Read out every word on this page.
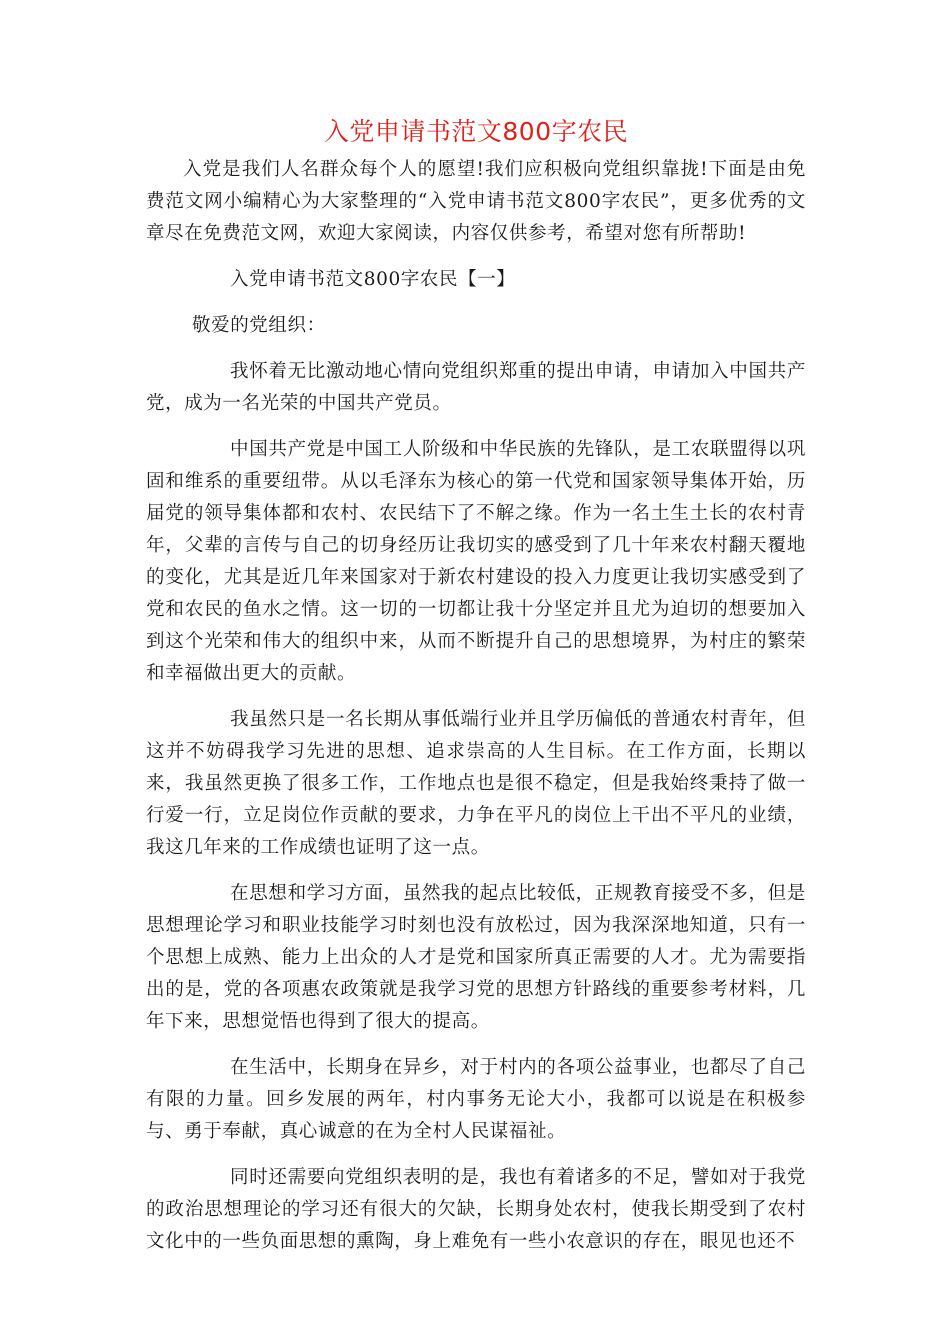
入党申请书范文800字农民

入党是我们人名群众每个人的愿望!我们应积极向党组织靠拢!下面是由免费范文网小编精心为大家整理的“入党申请书范文800字农民”，更多优秀的文章尽在免费范文网，欢迎大家阅读，内容仅供参考，希望对您有所帮助!

入党申请书范文800字农民【一】

敬爱的党组织：

我怀着无比激动地心情向党组织郑重的提出申请，申请加入中国共产党，成为一名光荣的中国共产党员。

中国共产党是中国工人阶级和中华民族的先锋队，是工农联盟得以巩固和维系的重要纽带。从以毛泽东为核心的第一代党和国家领导集体开始，历届党的领导集体都和农村、农民结下了不解之缘。作为一名土生土长的农村青年，父辈的言传与自己的切身经历让我切实的感受到了几十年来农村翻天覆地的变化，尤其是近几年来国家对于新农村建设的投入力度更让我切实感受到了党和农民的鱼水之情。这一切的一切都让我十分坚定并且尤为迫切的想要加入到这个光荣和伟大的组织中来，从而不断提升自己的思想境界，为村庄的繁荣和幸福做出更大的贡献。

我虽然只是一名长期从事低端行业并且学历偏低的普通农村青年，但这并不妨碍我学习先进的思想、追求崇高的人生目标。在工作方面，长期以来，我虽然更换了很多工作，工作地点也是很不稳定，但是我始终秉持了做一行爱一行，立足岗位作贡献的要求，力争在平凡的岗位上干出不平凡的业绩，我这几年来的工作成绩也证明了这一点。

在思想和学习方面，虽然我的起点比较低，正规教育接受不多，但是思想理论学习和职业技能学习时刻也没有放松过，因为我深深地知道，只有一个思想上成熟、能力上出众的人才是党和国家所真正需要的人才。尤为需要指出的是，党的各项惠农政策就是我学习党的思想方针路线的重要参考材料，几年下来，思想觉悟也得到了很大的提高。

在生活中，长期身在异乡，对于村内的各项公益事业，也都尽了自己有限的力量。回乡发展的两年，村内事务无论大小，我都可以说是在积极参与、勇于奉献，真心诚意的在为全村人民谋福祉。

同时还需要向党组织表明的是，我也有着诸多的不足，譬如对于我党的政治思想理论的学习还有很大的欠缺，长期身处农村，使我长期受到了农村文化中的一些负面思想的熏陶，身上难免有一些小农意识的存在，眼见也还不
